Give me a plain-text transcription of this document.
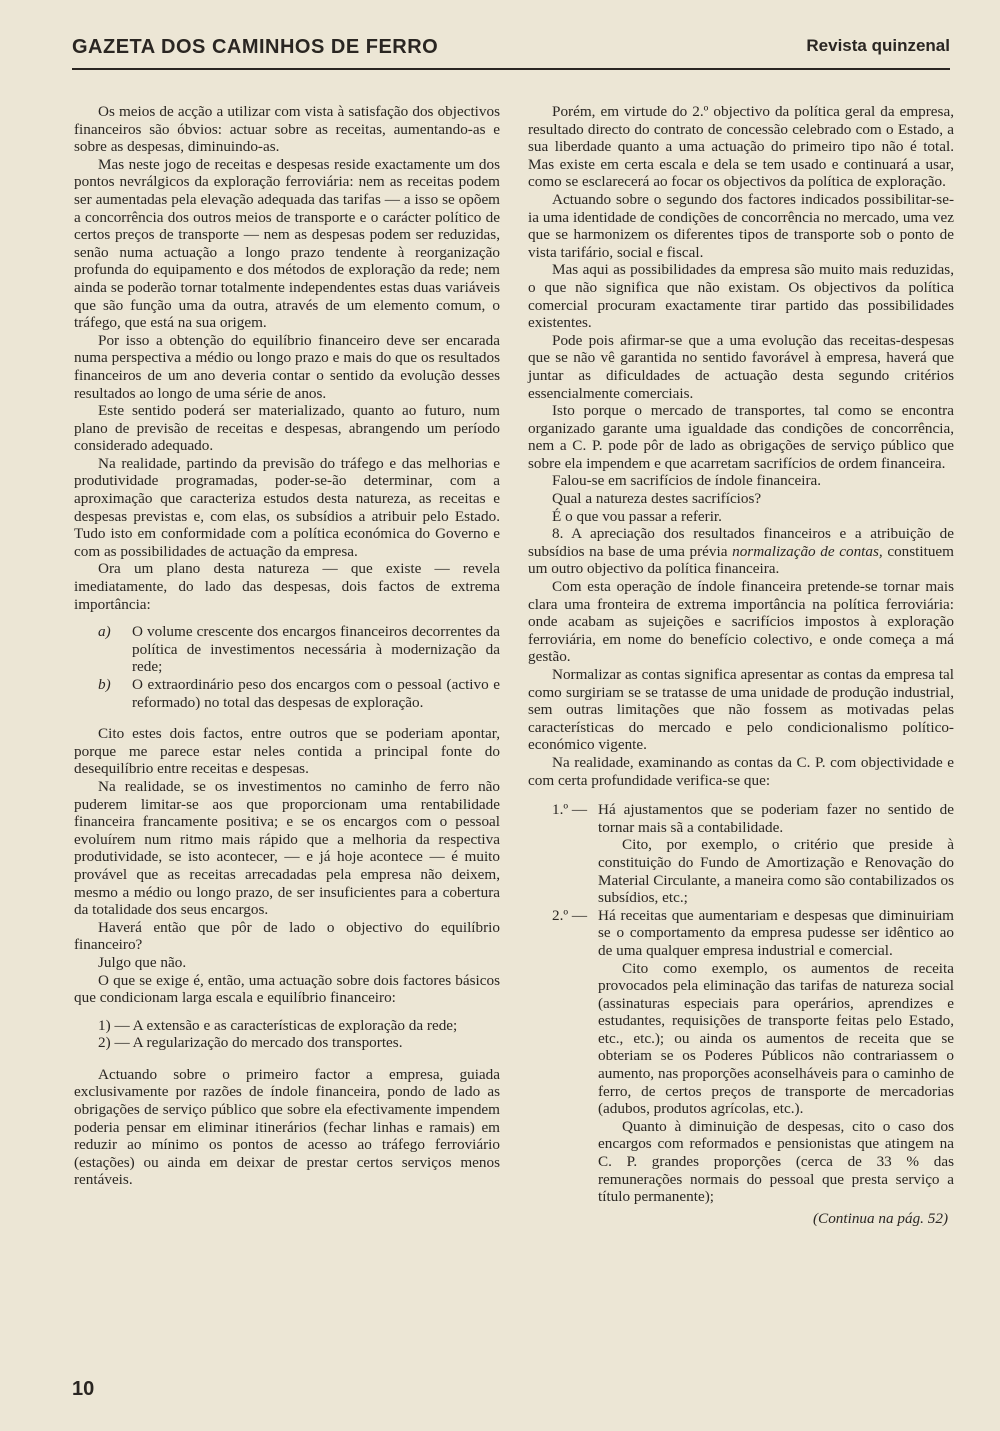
GAZETA DOS CAMINHOS DE FERRO	Revista quinzenal

Os meios de acção a utilizar com vista à satisfação dos objectivos financeiros são óbvios: actuar sobre as receitas, aumentando-as e sobre as despesas, diminuindo-as.

Mas neste jogo de receitas e despesas reside exactamente um dos pontos nevrálgicos da exploração ferroviária: nem as receitas podem ser aumentadas pela elevação adequada das tarifas — a isso se opõem a concorrência dos outros meios de transporte e o carácter político de certos preços de transporte — nem as despesas podem ser reduzidas, senão numa actuação a longo prazo tendente à reorganização profunda do equipamento e dos métodos de exploração da rede; nem ainda se poderão tornar totalmente independentes estas duas variáveis que são função uma da outra, através de um elemento comum, o tráfego, que está na sua origem.

Por isso a obtenção do equilíbrio financeiro deve ser encarada numa perspectiva a médio ou longo prazo e mais do que os resultados financeiros de um ano deveria contar o sentido da evolução desses resultados ao longo de uma série de anos.

Este sentido poderá ser materializado, quanto ao futuro, num plano de previsão de receitas e despesas, abrangendo um período considerado adequado.

Na realidade, partindo da previsão do tráfego e das melhorias e produtividade programadas, poder-se-ão determinar, com a aproximação que caracteriza estudos desta natureza, as receitas e despesas previstas e, com elas, os subsídios a atribuir pelo Estado. Tudo isto em conformidade com a política económica do Governo e com as possibilidades de actuação da empresa.

Ora um plano desta natureza — que existe — revela imediatamente, do lado das despesas, dois factos de extrema importância:

a) O volume crescente dos encargos financeiros decorrentes da política de investimentos necessária à modernização da rede;
b) O extraordinário peso dos encargos com o pessoal (activo e reformado) no total das despesas de exploração.

Cito estes dois factos, entre outros que se poderiam apontar, porque me parece estar neles contida a principal fonte do desequilíbrio entre receitas e despesas.

Na realidade, se os investimentos no caminho de ferro não puderem limitar-se aos que proporcionam uma rentabilidade financeira francamente positiva; e se os encargos com o pessoal evoluírem num ritmo mais rápido que a melhoria da respectiva produtividade, se isto acontecer, — e já hoje acontece — é muito provável que as receitas arrecadadas pela empresa não deixem, mesmo a médio ou longo prazo, de ser insuficientes para a cobertura da totalidade dos seus encargos.

Haverá então que pôr de lado o objectivo do equilíbrio financeiro?

Julgo que não.

O que se exige é, então, uma actuação sobre dois factores básicos que condicionam larga escala e equilíbrio financeiro:

1) — A extensão e as características de exploração da rede;
2) — A regularização do mercado dos transportes.

Actuando sobre o primeiro factor a empresa, guiada exclusivamente por razões de índole financeira, pondo de lado as obrigações de serviço público que sobre ela efectivamente impendem poderia pensar em eliminar itinerários (fechar linhas e ramais) em reduzir ao mínimo os pontos de acesso ao tráfego ferroviário (estações) ou ainda em deixar de prestar certos serviços menos rentáveis.

Porém, em virtude do 2.º objectivo da política geral da empresa, resultado directo do contrato de concessão celebrado com o Estado, a sua liberdade quanto a uma actuação do primeiro tipo não é total. Mas existe em certa escala e dela se tem usado e continuará a usar, como se esclarecerá ao focar os objectivos da política de exploração.

Actuando sobre o segundo dos factores indicados possibilitar-se-ia uma identidade de condições de concorrência no mercado, uma vez que se harmonizem os diferentes tipos de transporte sob o ponto de vista tarifário, social e fiscal.

Mas aqui as possibilidades da empresa são muito mais reduzidas, o que não significa que não existam. Os objectivos da política comercial procuram exactamente tirar partido das possibilidades existentes.

Pode pois afirmar-se que a uma evolução das receitas-despesas que se não vê garantida no sentido favorável à empresa, haverá que juntar as dificuldades de actuação desta segundo critérios essencialmente comerciais.

Isto porque o mercado de transportes, tal como se encontra organizado garante uma igualdade das condições de concorrência, nem a C. P. pode pôr de lado as obrigações de serviço público que sobre ela impendem e que acarretam sacrifícios de ordem financeira.

Falou-se em sacrifícios de índole financeira.

Qual a natureza destes sacrifícios?

É o que vou passar a referir.

8. A apreciação dos resultados financeiros e a atribuição de subsídios na base de uma prévia normalização de contas, constituem um outro objectivo da política financeira.

Com esta operação de índole financeira pretende-se tornar mais clara uma fronteira de extrema importância na política ferroviária: onde acabam as sujeições e sacrifícios impostos à exploração ferroviária, em nome do benefício colectivo, e onde começa a má gestão.

Normalizar as contas significa apresentar as contas da empresa tal como surgiriam se se tratasse de uma unidade de produção industrial, sem outras limitações que não fossem as motivadas pelas características do mercado e pelo condicionalismo político-económico vigente.

Na realidade, examinando as contas da C. P. com objectividade e com certa profundidade verifica-se que:

1.º — Há ajustamentos que se poderiam fazer no sentido de tornar mais sã a contabilidade.

Cito, por exemplo, o critério que preside à constituição do Fundo de Amortização e Renovação do Material Circulante, a maneira como são contabilizados os subsídios, etc.;

2.º — Há receitas que aumentariam e despesas que diminuiriam se o comportamento da empresa pudesse ser idêntico ao de uma qualquer empresa industrial e comercial.

Cito como exemplo, os aumentos de receita provocados pela eliminação das tarifas de natureza social (assinaturas especiais para operários, aprendizes e estudantes, requisições de transporte feitas pelo Estado, etc., etc.); ou ainda os aumentos de receita que se obteriam se os Poderes Públicos não contrariassem o aumento, nas proporções aconselháveis para o caminho de ferro, de certos preços de transporte de mercadorias (adubos, produtos agrícolas, etc.).

Quanto à diminuição de despesas, cito o caso dos encargos com reformados e pensionistas que atingem na C. P. grandes proporções (cerca de 33 % das remunerações normais do pessoal que presta serviço a título permanente);

(Continua na pág. 52)
10
